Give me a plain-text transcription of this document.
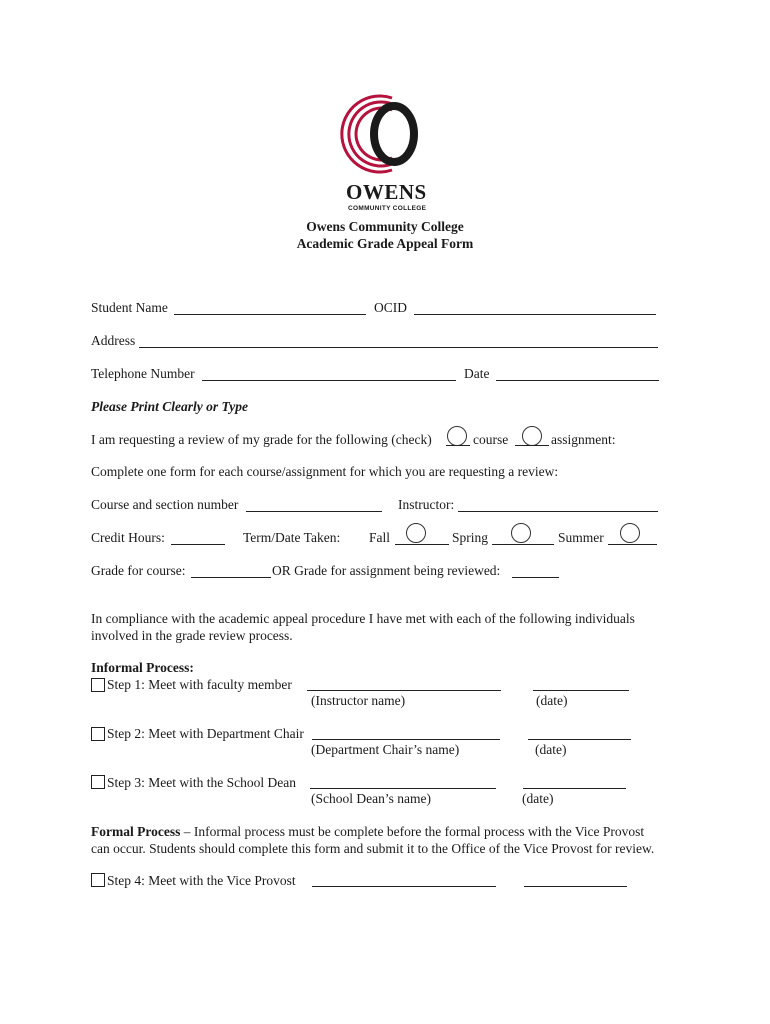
OWENS
COMMUNITY COLLEGE
Owens Community College
Academic Grade Appeal Form
Student Name	OCID
Address
Telephone Number	Date
Please Print Clearly or Type
I am requesting a review of my grade for the following (check)	course	assignment:
Complete one form for each course/assignment for which you are requesting a review:
Course and section number	Instructor:
Credit Hours:	Term/Date Taken: Fall	Spring	Summer
Grade for course:	OR Grade for assignment being reviewed:
In compliance with the academic appeal procedure I have met with each of the following individuals
involved in the grade review process.
Informal Process:
Step 1: Meet with faculty member
(Instructor name)	(date)
Step 2: Meet with Department Chair
(Department Chair’s name)	(date)
Step 3: Meet with the School Dean
(School Dean’s name)	(date)
Formal Process – Informal process must be complete before the formal process with the Vice Provost
can occur. Students should complete this form and submit it to the Office of the Vice Provost for review.
Step 4: Meet with the Vice Provost
